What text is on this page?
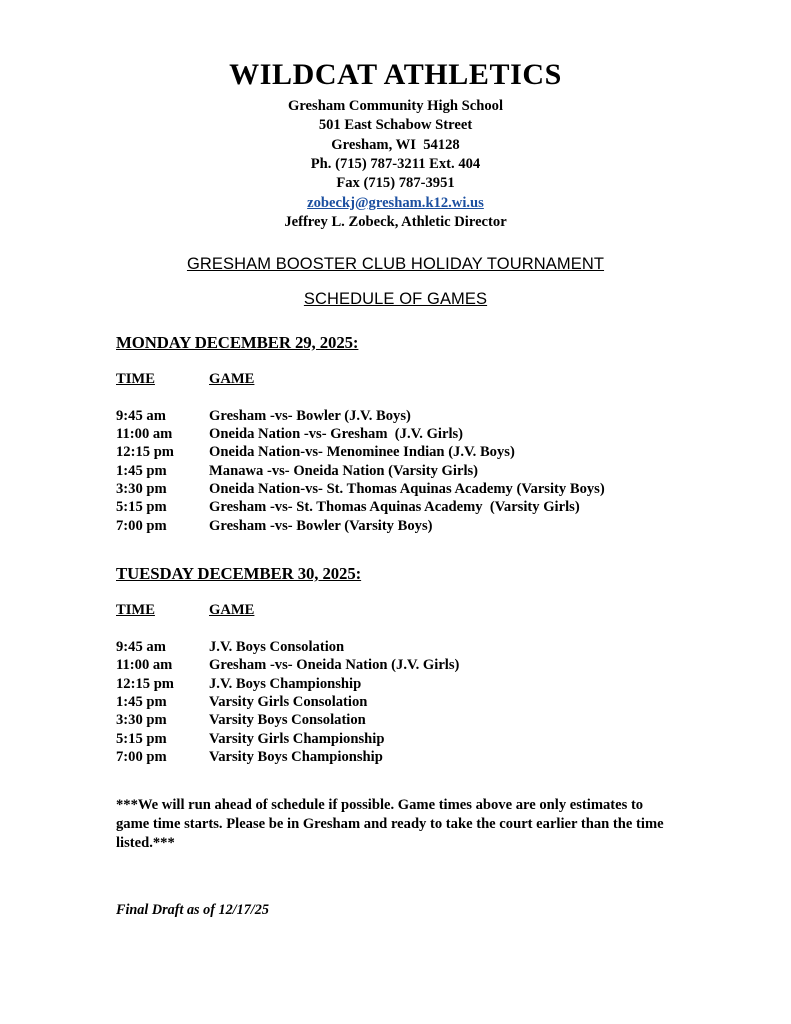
WILDCAT ATHLETICS

Gresham Community High School

501 East Schabow Street

Gresham, WI  54128

Ph. (715) 787-3211 Ext. 404

Fax (715) 787-3951

zobeckj@gresham.k12.wi.us

Jeffrey L. Zobeck, Athletic Director

GRESHAM BOOSTER CLUB HOLIDAY TOURNAMENT
SCHEDULE OF GAMES
MONDAY DECEMBER 29, 2025:
TIME	GAME
9:45 am	Gresham -vs- Bowler (J.V. Boys)
11:00 am	Oneida Nation -vs- Gresham  (J.V. Girls)
12:15 pm	Oneida Nation-vs- Menominee Indian (J.V. Boys)
1:45 pm	Manawa -vs- Oneida Nation (Varsity Girls)
3:30 pm	Oneida Nation-vs- St. Thomas Aquinas Academy (Varsity Boys)
5:15 pm	Gresham -vs- St. Thomas Aquinas Academy  (Varsity Girls)
7:00 pm	Gresham -vs- Bowler (Varsity Boys)
TUESDAY DECEMBER 30, 2025:
TIME	GAME
9:45 am	J.V. Boys Consolation
11:00 am	Gresham -vs- Oneida Nation (J.V. Girls)
12:15 pm	J.V. Boys Championship
1:45 pm	Varsity Girls Consolation
3:30 pm	Varsity Boys Consolation
5:15 pm	Varsity Girls Championship
7:00 pm	Varsity Boys Championship
***We will run ahead of schedule if possible. Game times above are only estimates to game time starts. Please be in Gresham and ready to take the court earlier than the time listed.***
Final Draft as of 12/17/25
